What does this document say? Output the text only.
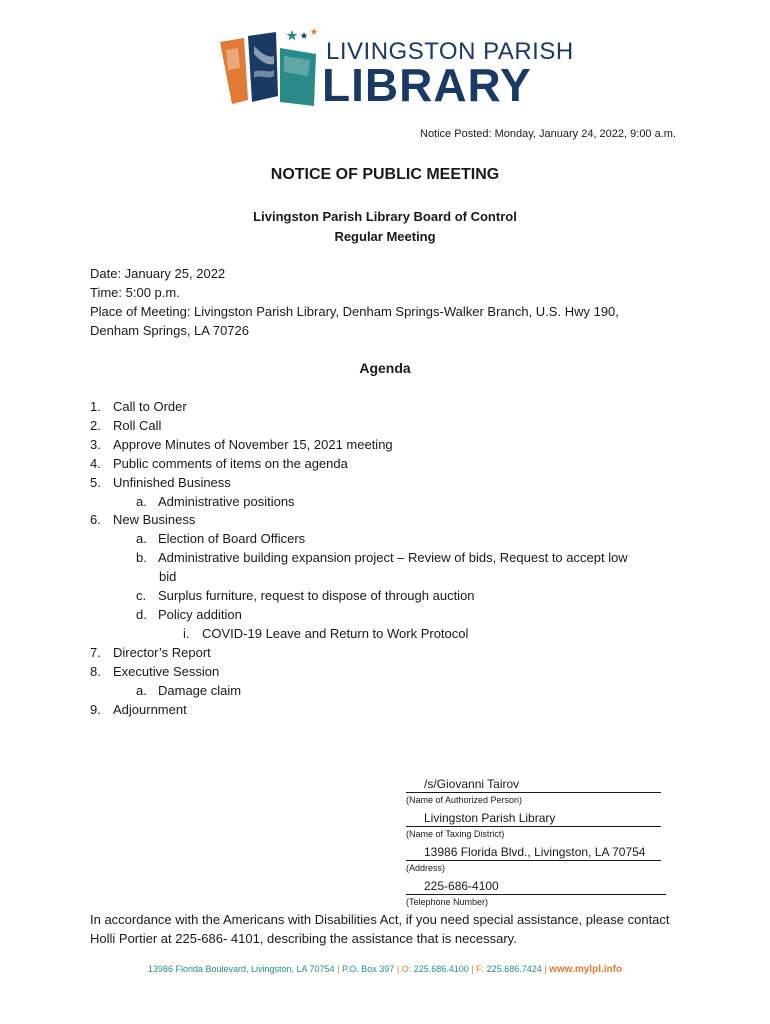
LIVINGSTON PARISH
LIBRARY
Notice Posted: Monday, January 24, 2022, 9:00 a.m.
NOTICE OF PUBLIC MEETING
Livingston Parish Library Board of Control
Regular Meeting
Date: January 25, 2022
Time: 5:00 p.m.
Place of Meeting: Livingston Parish Library, Denham Springs-Walker Branch, U.S. Hwy 190,
Denham Springs, LA 70726
Agenda
1. Call to Order
2. Roll Call
3. Approve Minutes of November 15, 2021 meeting
4. Public comments of items on the agenda
5. Unfinished Business
a. Administrative positions
6. New Business
a. Election of Board Officers
b. Administrative building expansion project – Review of bids, Request to accept low
bid
c. Surplus furniture, request to dispose of through auction
d. Policy addition
i. COVID-19 Leave and Return to Work Protocol
7. Director’s Report
8. Executive Session
a. Damage claim
9. Adjournment
/s/Giovanni Tairov
(Name of Authorized Person)
Livingston Parish Library
(Name of Taxing District)
13986 Florida Blvd., Livingston, LA 70754
(Address)
225-686-4100
(Telephone Number)
In accordance with the Americans with Disabilities Act, if you need special assistance, please contact Holli Portier at 225-686- 4101, describing the assistance that is necessary.
13986 Florida Boulevard, Livingston, LA 70754 | P.O. Box 397 | O: 225.686.4100 | F: 225.686.7424 | www.mylpl.info
